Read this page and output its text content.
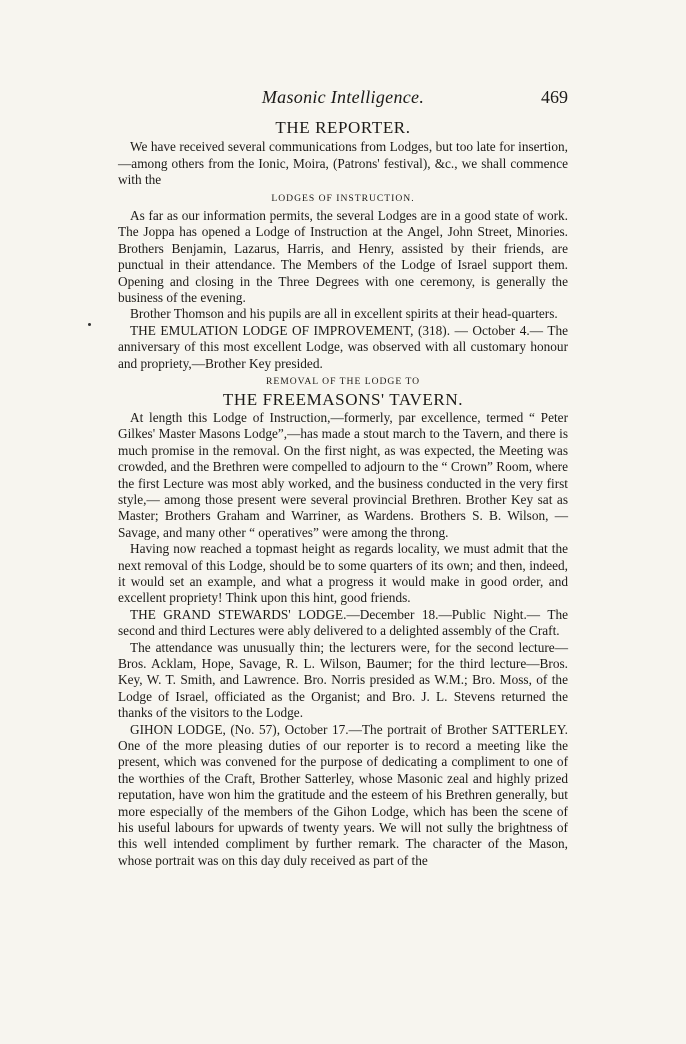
Masonic Intelligence.	469
THE REPORTER.

We have received several communications from Lodges, but too late for insertion,—among others from the Ionic, Moira, (Patrons' festival), &c., we shall commence with the

LODGES OF INSTRUCTION.

As far as our information permits, the several Lodges are in a good state of work. The Joppa has opened a Lodge of Instruction at the Angel, John Street, Minories. Brothers Benjamin, Lazarus, Harris, and Henry, assisted by their friends, are punctual in their attendance. The Members of the Lodge of Israel support them. Opening and closing in the Three Degrees with one ceremony, is generally the business of the evening.

Brother Thomson and his pupils are all in excellent spirits at their head-quarters.

THE EMULATION LODGE OF IMPROVEMENT, (318). — October 4.— The anniversary of this most excellent Lodge, was observed with all customary honour and propriety,—Brother Key presided.

REMOVAL OF THE LODGE TO
THE FREEMASONS' TAVERN.

At length this Lodge of Instruction,—formerly, par excellence, termed “ Peter Gilkes' Master Masons Lodge”,—has made a stout march to the Tavern, and there is much promise in the removal. On the first night, as was expected, the Meeting was crowded, and the Brethren were compelled to adjourn to the “ Crown” Room, where the first Lecture was most ably worked, and the business conducted in the very first style,— among those present were several provincial Brethren. Brother Key sat as Master; Brothers Graham and Warriner, as Wardens. Brothers S. B. Wilson, — Savage, and many other “ operatives” were among the throng.

Having now reached a topmast height as regards locality, we must admit that the next removal of this Lodge, should be to some quarters of its own; and then, indeed, it would set an example, and what a progress it would make in good order, and excellent propriety! Think upon this hint, good friends.

THE GRAND STEWARDS' LODGE.—December 18.—Public Night.— The second and third Lectures were ably delivered to a delighted assembly of the Craft.

The attendance was unusually thin; the lecturers were, for the second lecture—Bros. Acklam, Hope, Savage, R. L. Wilson, Baumer; for the third lecture—Bros. Key, W. T. Smith, and Lawrence. Bro. Norris presided as W.M.; Bro. Moss, of the Lodge of Israel, officiated as the Organist; and Bro. J. L. Stevens returned the thanks of the visitors to the Lodge.

GIHON LODGE, (No. 57), October 17.—The portrait of Brother SATTERLEY. One of the more pleasing duties of our reporter is to record a meeting like the present, which was convened for the purpose of dedicating a compliment to one of the worthies of the Craft, Brother Satterley, whose Masonic zeal and highly prized reputation, have won him the gratitude and the esteem of his Brethren generally, but more especially of the members of the Gihon Lodge, which has been the scene of his useful labours for upwards of twenty years. We will not sully the brightness of this well intended compliment by further remark. The character of the Mason, whose portrait was on this day duly received as part of the
